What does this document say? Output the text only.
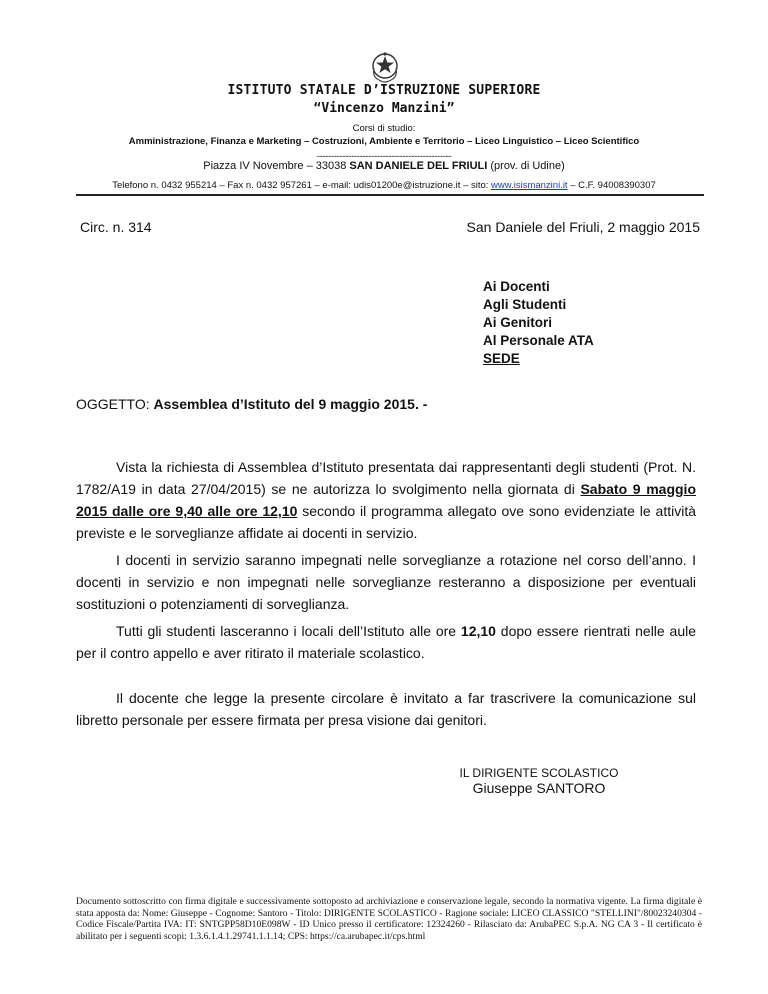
ISTITUTO STATALE D’ISTRUZIONE SUPERIORE
“Vincenzo Manzini”
Corsi di studio:
Amministrazione, Finanza e Marketing – Costruzioni, Ambiente e Territorio – Liceo Linguistico – Liceo Scientifico
-----------------------------------------------
Piazza IV Novembre – 33038 SAN DANIELE DEL FRIULI (prov. di Udine)
Telefono n. 0432 955214 – Fax n. 0432 957261 – e-mail: udis01200e@istruzione.it – sito: www.isismanzini.it – C.F. 94008390307
Circ. n. 314	San Daniele del Friuli, 2 maggio 2015
Ai Docenti
Agli Studenti
Ai Genitori
Al Personale ATA
SEDE
OGGETTO: Assemblea d’Istituto del 9 maggio 2015. -
Vista la richiesta di Assemblea d’Istituto presentata dai rappresentanti degli studenti (Prot. N. 1782/A19 in data 27/04/2015) se ne autorizza lo svolgimento nella giornata di Sabato 9 maggio 2015 dalle ore 9,40 alle ore 12,10 secondo il programma allegato ove sono evidenziate le attività previste e le sorveglianze affidate ai docenti in servizio.
I docenti in servizio saranno impegnati nelle sorveglianze a rotazione nel corso dell’anno. I docenti in servizio e non impegnati nelle sorveglianze resteranno a disposizione per eventuali sostituzioni o potenziamenti di sorveglianza.
Tutti gli studenti lasceranno i locali dell’Istituto alle ore 12,10 dopo essere rientrati nelle aule per il contro appello e aver ritirato il materiale scolastico.
Il docente che legge la presente circolare è invitato a far trascrivere la comunicazione sul libretto personale per essere firmata per presa visione dai genitori.
IL DIRIGENTE SCOLASTICO
Giuseppe SANTORO
Documento sottoscritto con firma digitale e successivamente sottoposto ad archiviazione e conservazione legale, secondo la normativa vigente. La firma digitale è stata apposta da: Nome: Giuseppe - Cognome: Santoro - Titolo: DIRIGENTE SCOLASTICO - Ragione sociale: LICEO CLASSICO "STELLINI"/80023240304 - Codice Fiscale/Partita IVA: IT: SNTGPP58D10E098W - ID Unico presso il certificatore: 12324260 - Rilasciato da: ArubaPEC S.p.A. NG CA 3 - Il certificato è abilitato per i seguenti scopi: 1.3.6.1.4.1.29741.1.1.14; CPS: https://ca.arubapec.it/cps.html
